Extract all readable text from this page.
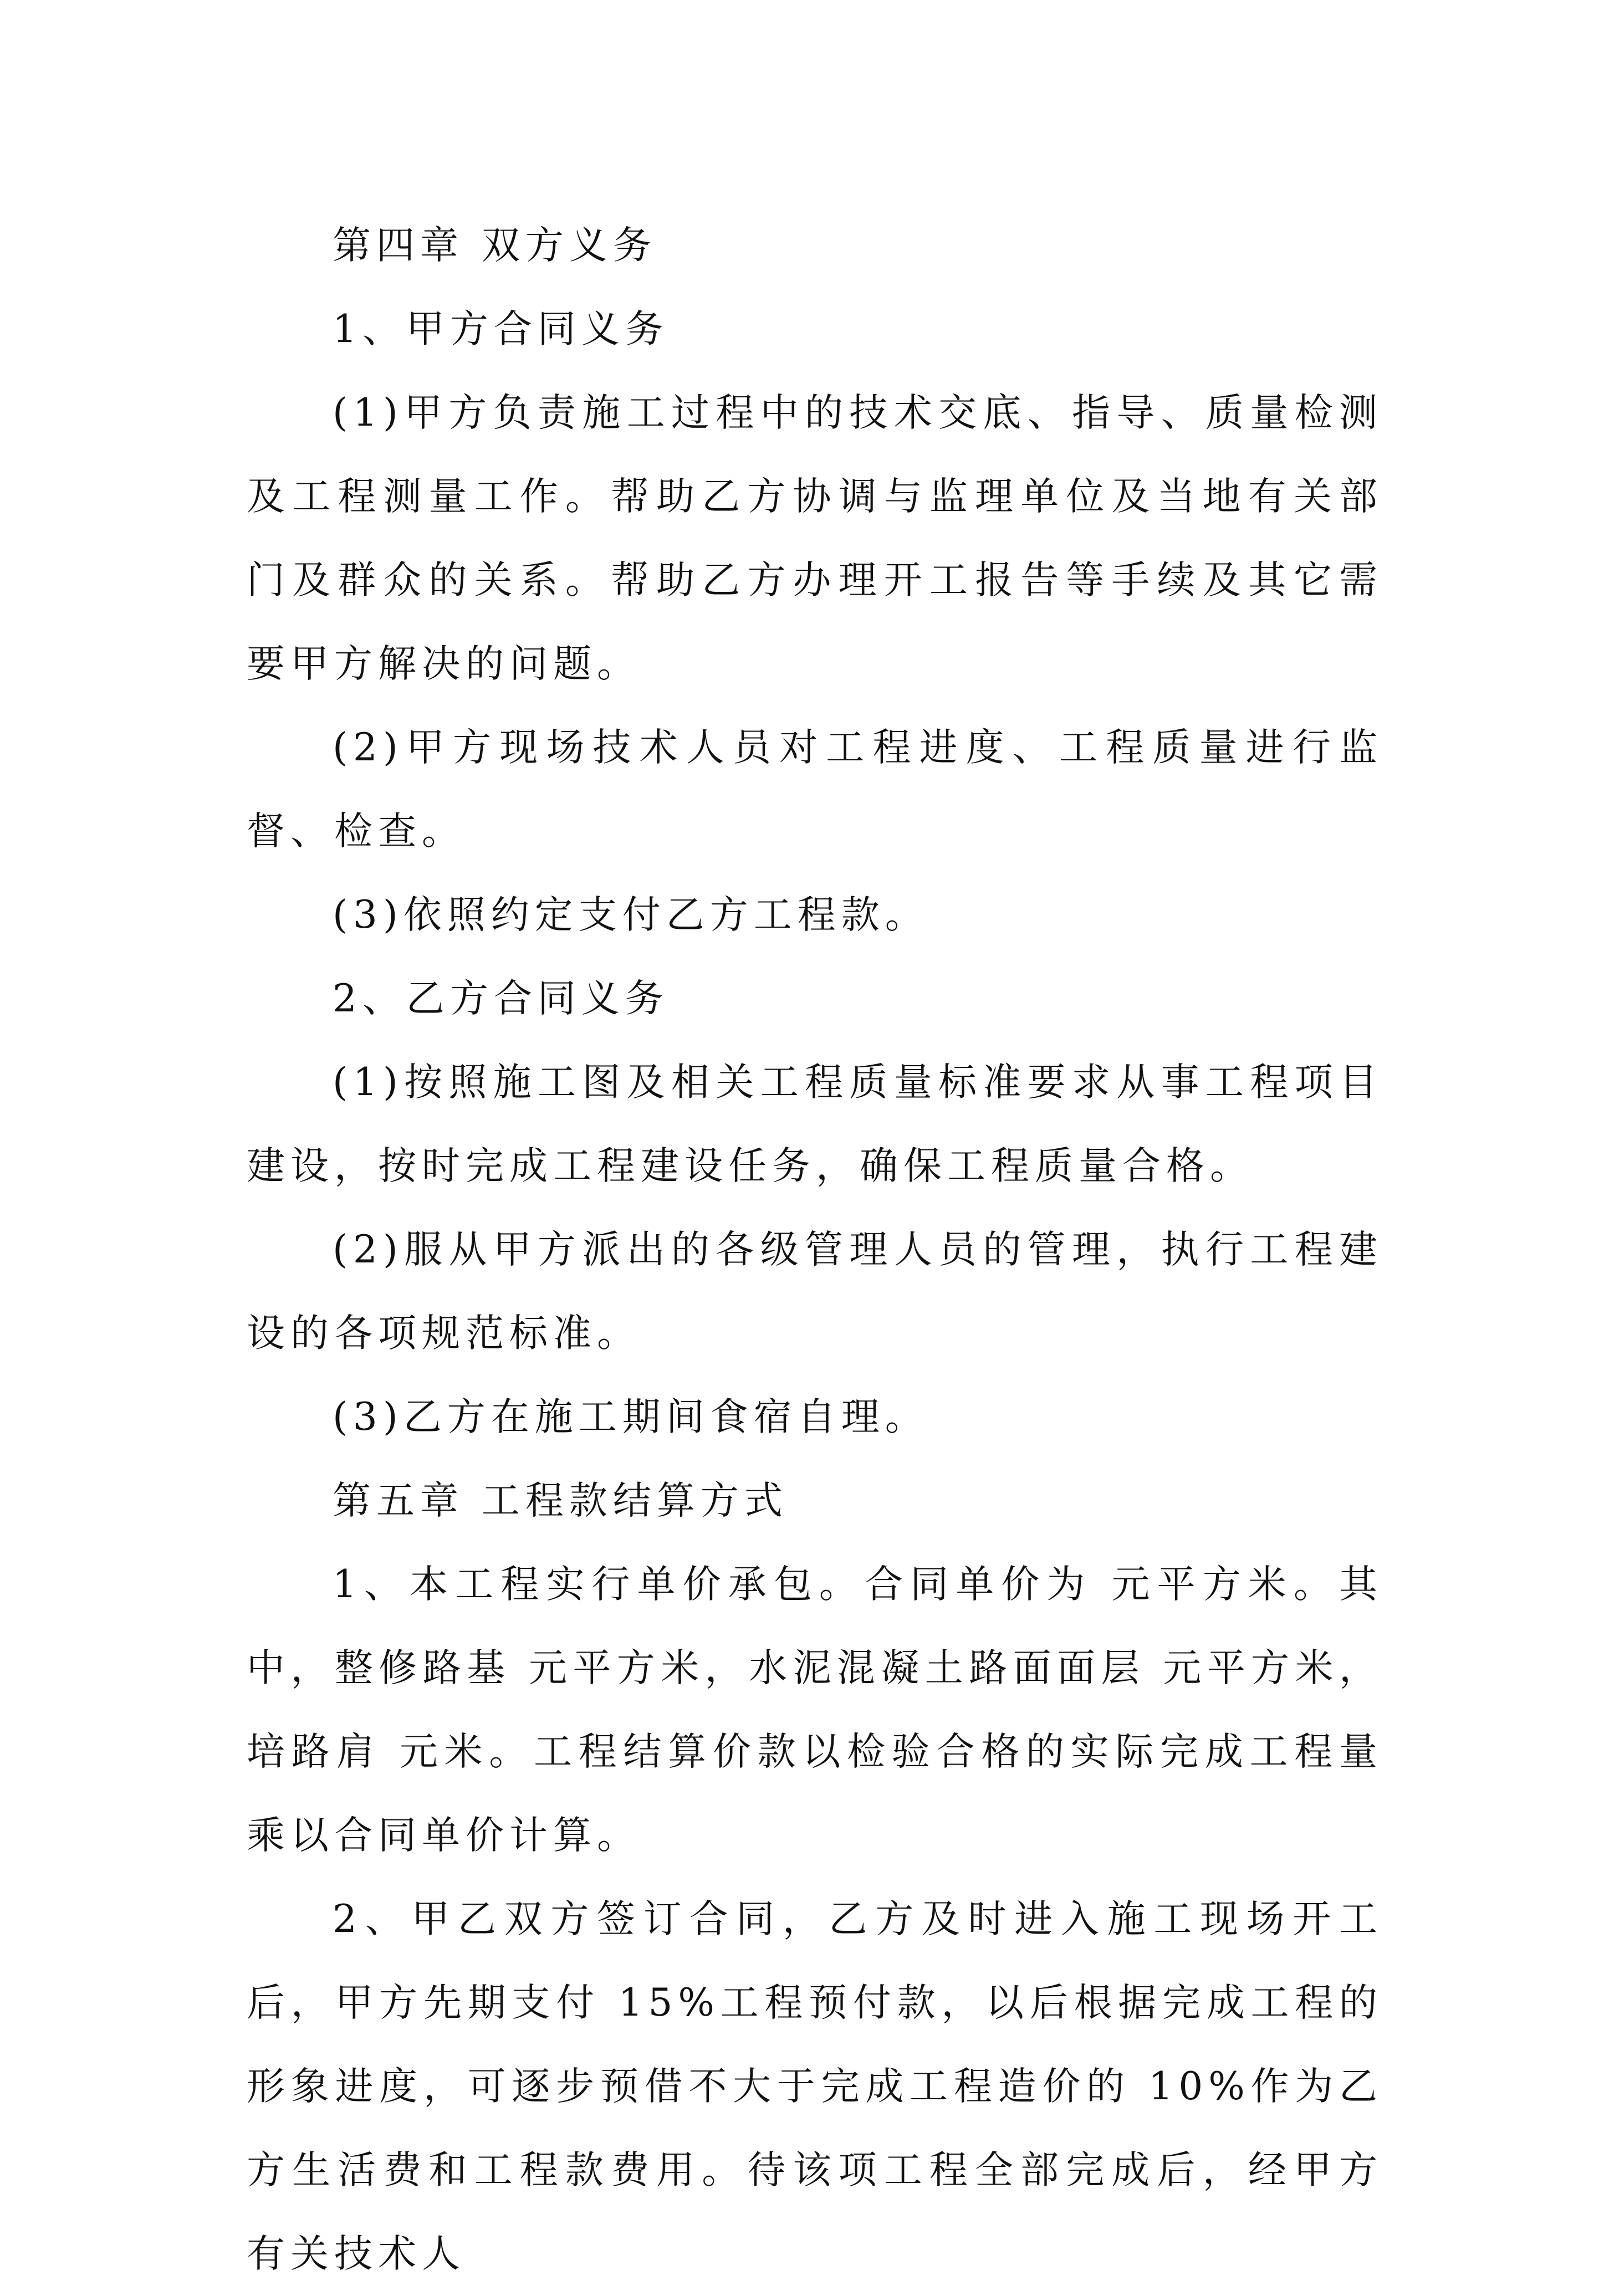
第四章 双方义务

1、甲方合同义务

(1)甲方负责施工过程中的技术交底、指导、质量检测及工程测量工作。帮助乙方协调与监理单位及当地有关部门及群众的关系。帮助乙方办理开工报告等手续及其它需要甲方解决的问题。

(2)甲方现场技术人员对工程进度、工程质量进行监督、检查。

(3)依照约定支付乙方工程款。

2、乙方合同义务

(1)按照施工图及相关工程质量标准要求从事工程项目建设，按时完成工程建设任务，确保工程质量合格。

(2)服从甲方派出的各级管理人员的管理，执行工程建设的各项规范标准。

(3)乙方在施工期间食宿自理。

第五章 工程款结算方式

1、本工程实行单价承包。合同单价为 元平方米。其中，整修路基 元平方米，水泥混凝土路面面层 元平方米，培路肩 元米。工程结算价款以检验合格的实际完成工程量乘以合同单价计算。

2、甲乙双方签订合同，乙方及时进入施工现场开工后，甲方先期支付 15%工程预付款，以后根据完成工程的形象进度，可逐步预借不大于完成工程造价的 10%作为乙方生活费和工程款费用。待该项工程全部完成后，经甲方有关技术人
